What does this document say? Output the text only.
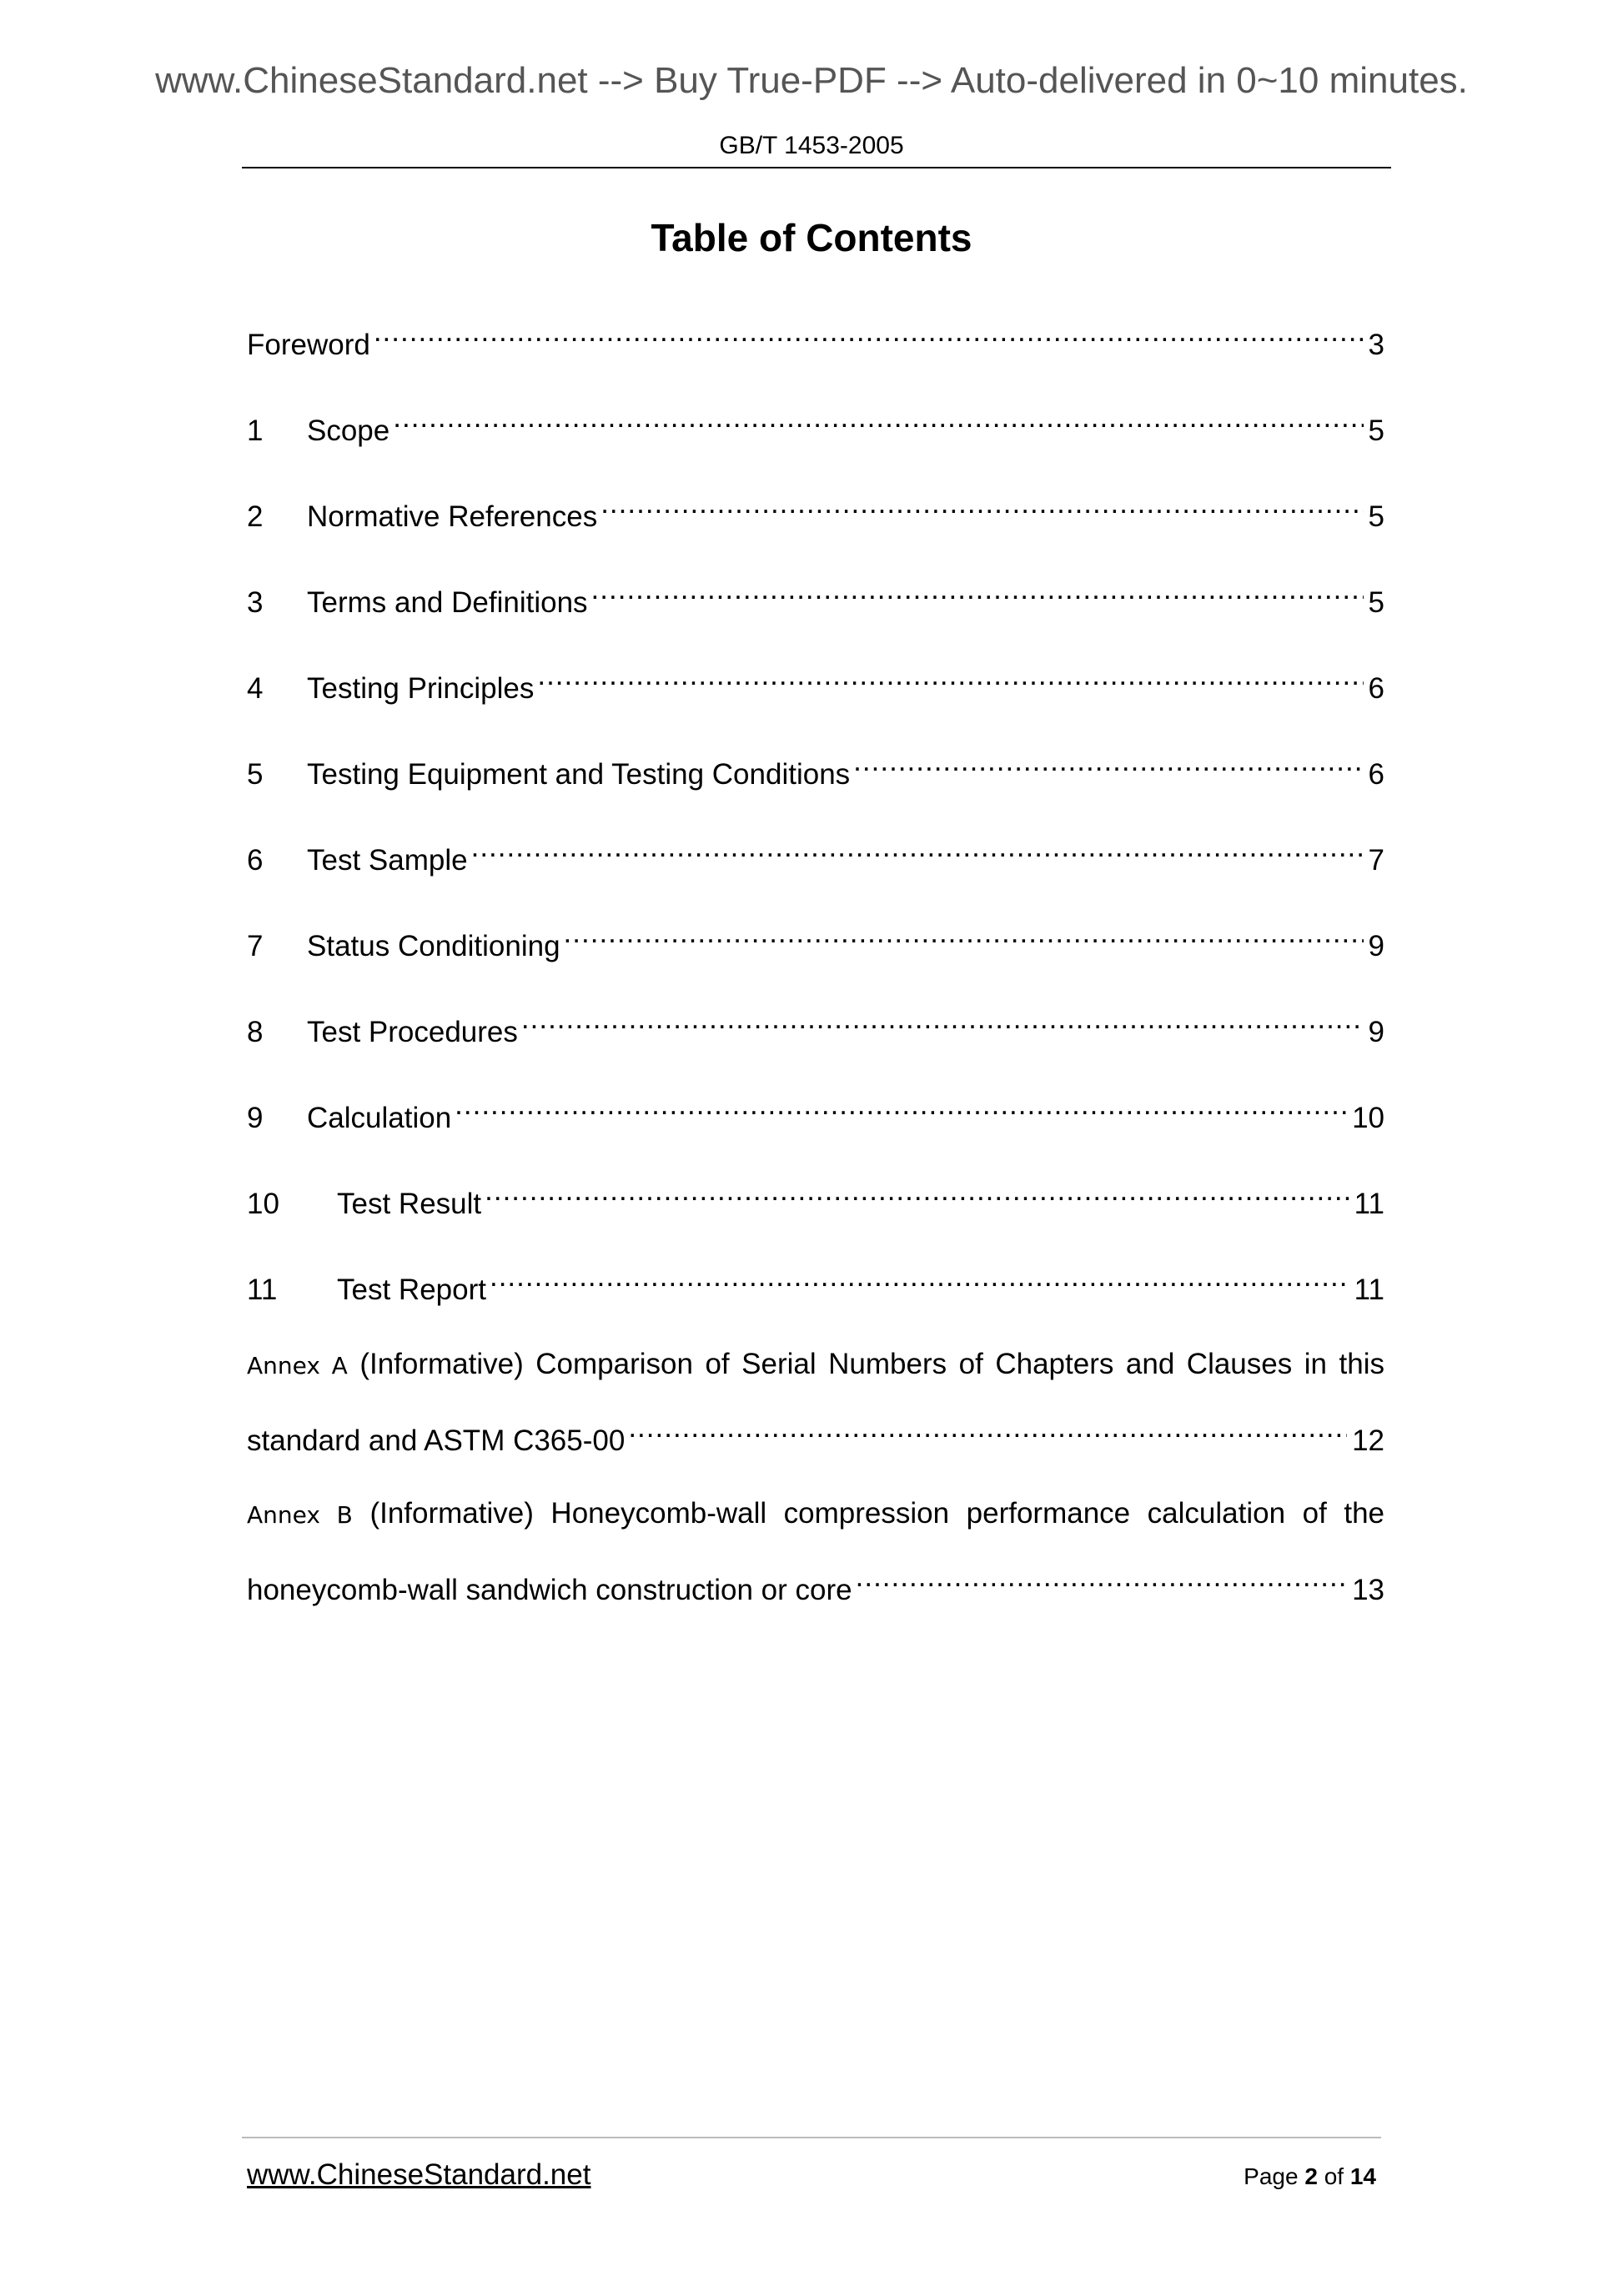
www.ChineseStandard.net --> Buy True-PDF --> Auto-delivered in 0~10 minutes.
GB/T 1453-2005
Table of Contents
Foreword .....	3
1	Scope .....	5
2	Normative References .....	5
3	Terms and Definitions .....	5
4	Testing Principles .....	6
5	Testing Equipment and Testing Conditions .....	6
6	Test Sample .....	7
7	Status Conditioning .....	9
8	Test Procedures .....	9
9	Calculation .....	10
10	Test Result .....	11
11	Test Report .....	11
Annex A (Informative) Comparison of Serial Numbers of Chapters and Clauses in this
standard and ASTM C365-00 .....	12
Annex B (Informative) Honeycomb-wall compression performance calculation of the
honeycomb-wall sandwich construction or core .....	13
www.ChineseStandard.net	Page 2 of 14
